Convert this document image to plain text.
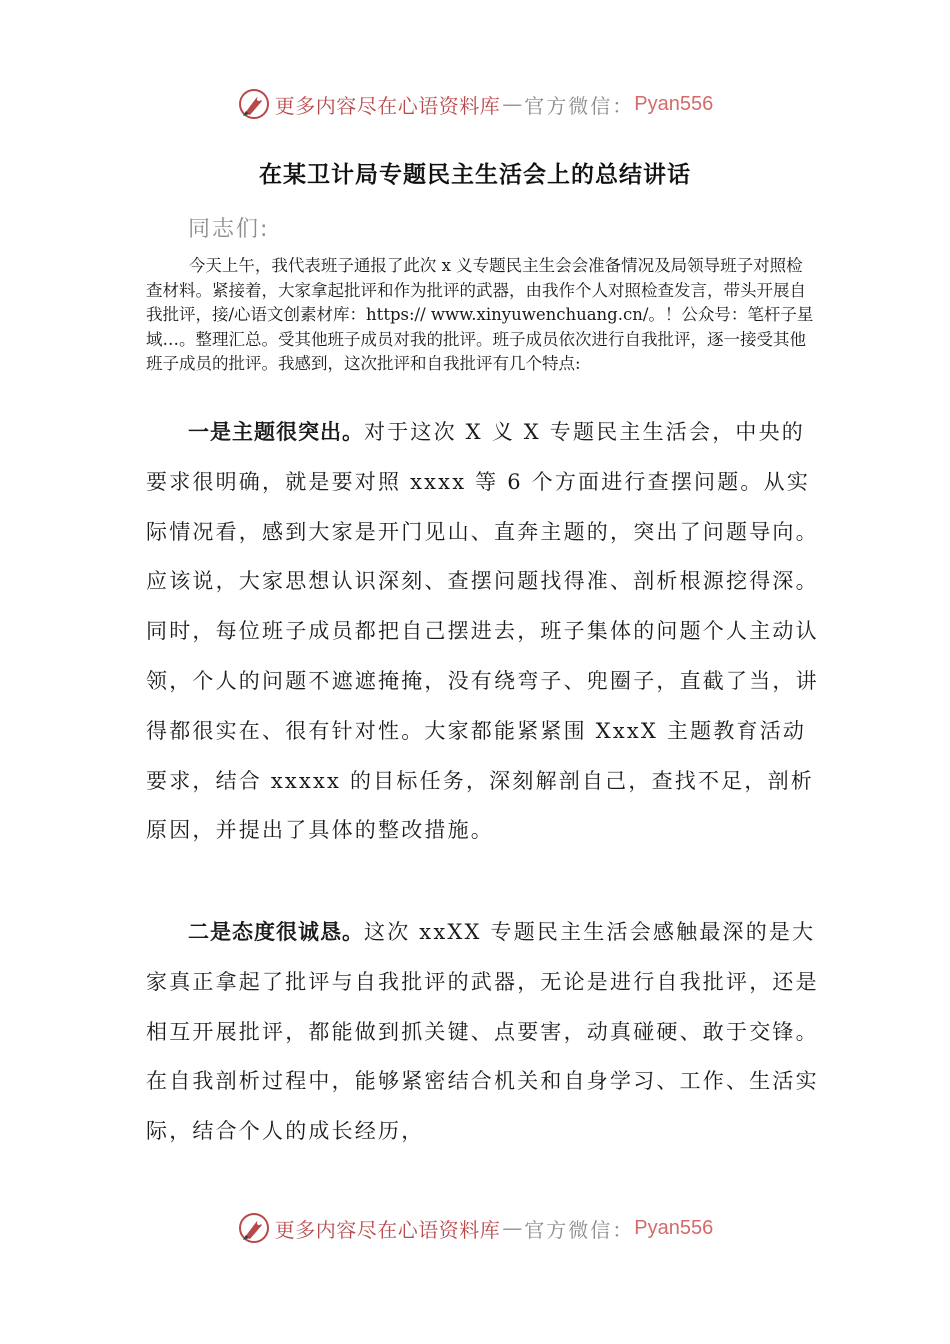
更多内容尽在心语资料库 — 官方微信： Pyan556
在某卫计局专题民主生活会上的总结讲话
同志们:

今天上午，我代表班子通报了此次 x 义专题民主生会会准备情况及局领导班子对照检查材料。紧接着，大家拿起批评和作为批评的武器，由我作个人对照检查发言，带头开展自我批评，接/心语文创素材库：https:// www.xinyuwenchuang.cn/。！公众号：笔杆子星域…。整理汇总。受其他班子成员对我的批评。班子成员依次进行自我批评，逐一接受其他班子成员的批评。我感到，这次批评和自我批评有几个特点:

一是主题很突出。对于这次 X 义 X 专题民主生活会，中央的要求很明确，就是要对照 xxxx 等 6 个方面进行查摆问题。从实际情况看，感到大家是开门见山、直奔主题的，突出了问题导向。应该说，大家思想认识深刻、查摆问题找得准、剖析根源挖得深。同时，每位班子成员都把自己摆进去，班子集体的问题个人主动认领，个人的问题不遮遮掩掩，没有绕弯子、兜圈子，直截了当，讲得都很实在、很有针对性。大家都能紧紧围 XxxX 主题教育活动要求，结合 xxxxx 的目标任务，深刻解剖自己，查找不足，剖析原因，并提出了具体的整改措施。

二是态度很诚恳。这次 xxXX 专题民主生活会感触最深的是大家真正拿起了批评与自我批评的武器，无论是进行自我批评，还是相互开展批评，都能做到抓关键、点要害，动真碰硬、敢于交锋。在自我剖析过程中，能够紧密结合机关和自身学习、工作、生活实际，结合个人的成长经历，

更多内容尽在心语资料库 — 官方微信： Pyan556
